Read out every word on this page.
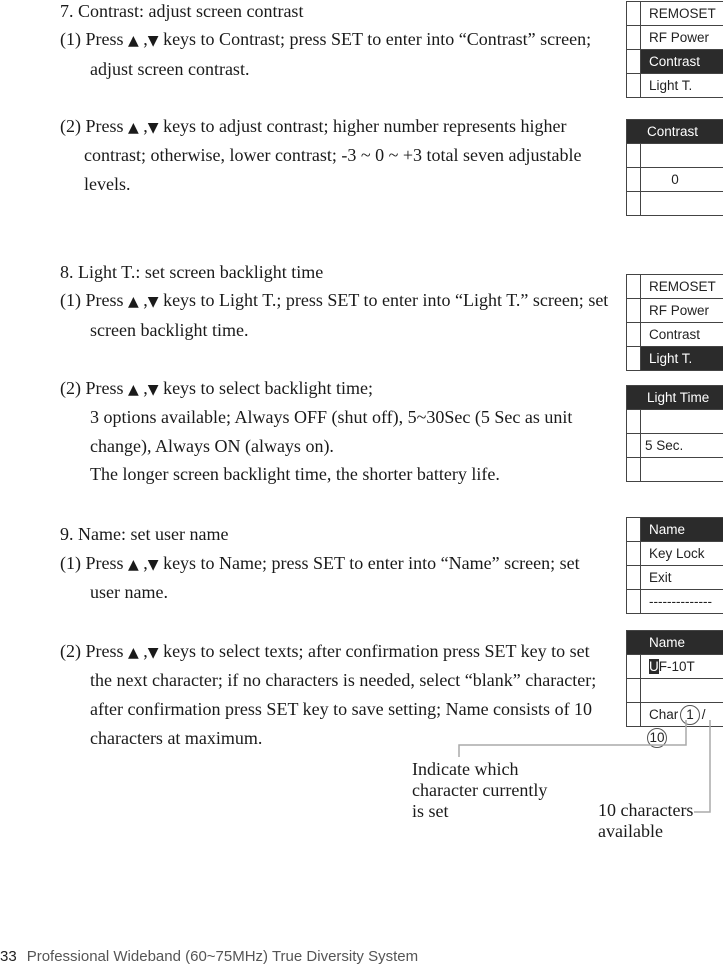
7. Contrast: adjust screen contrast
(1) Press ▲ ,▼ keys to Contrast; press SET to enter into “Contrast” screen;
adjust screen contrast.
(2) Press ▲ ,▼ keys to adjust contrast; higher number represents higher
contrast; otherwise, lower contrast; -3 ~ 0 ~ +3 total seven adjustable
levels.
8. Light T.: set screen backlight time
(1) Press ▲ ,▼ keys to Light T.; press SET to enter into “Light T.” screen; set
screen backlight time.
(2) Press ▲ ,▼ keys to select backlight time;
3 options available; Always OFF (shut off), 5~30Sec (5 Sec as unit
change), Always ON (always on).
The longer screen backlight time, the shorter battery life.
9. Name: set user name
(1) Press ▲ ,▼ keys to Name; press SET to enter into “Name” screen; set
user name.
(2) Press ▲ ,▼ keys to select texts; after confirmation press SET key to set
the next character; if no characters is needed, select “blank” character;
after confirmation press SET key to save setting; Name consists of 10
characters at maximum.
REMOSET
RF Power
Contrast
Light T.
Contrast
0
REMOSET
RF Power
Contrast
Light T.
Light Time
5 Sec.
Name
Key Lock
Exit
--------------
Name
UF-10T
Char 1 / 10
Indicate which
character currently
is set	10 characters
available
33 Professional Wideband (60~75MHz) True Diversity System
